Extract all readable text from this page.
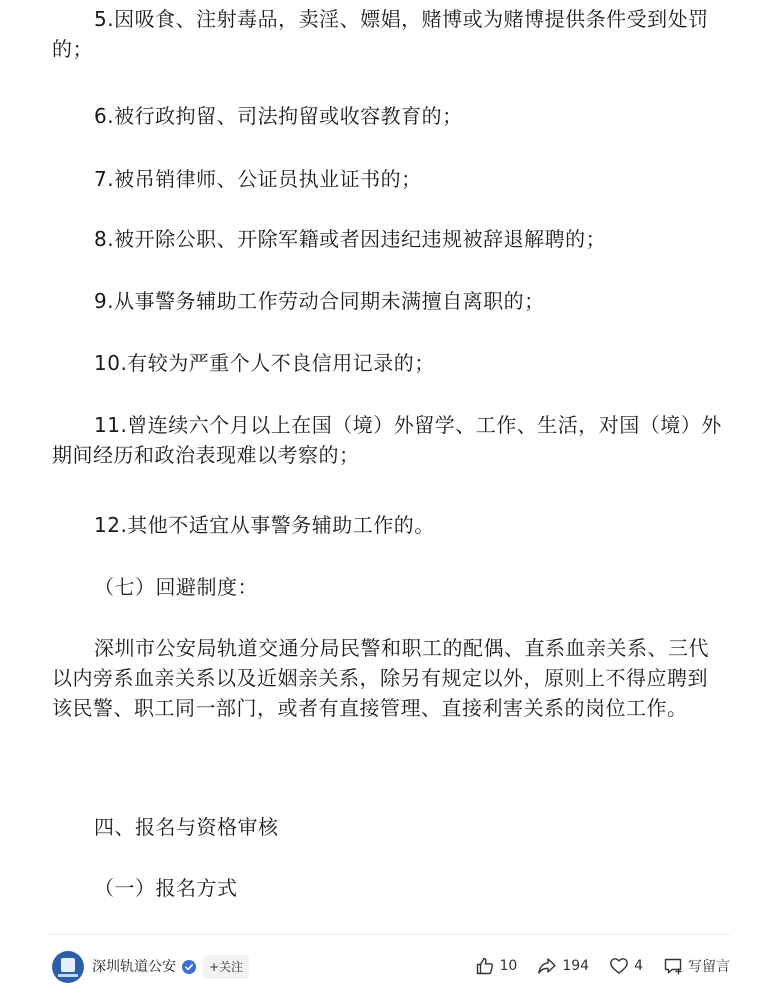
5.因吸食、注射毒品，卖淫、嫖娼，赌博或为赌博提供条件受到处罚的；

6.被行政拘留、司法拘留或收容教育的；

7.被吊销律师、公证员执业证书的；

8.被开除公职、开除军籍或者因违纪违规被辞退解聘的；

9.从事警务辅助工作劳动合同期未满擅自离职的；

10.有较为严重个人不良信用记录的；

11.曾连续六个月以上在国（境）外留学、工作、生活，对国（境）外期间经历和政治表现难以考察的；

12.其他不适宜从事警务辅助工作的。

（七）回避制度：

深圳市公安局轨道交通分局民警和职工的配偶、直系血亲关系、三代以内旁系血亲关系以及近姻亲关系，除另有规定以外，原则上不得应聘到该民警、职工同一部门，或者有直接管理、直接利害关系的岗位工作。

四、报名与资格审核

（一）报名方式

深圳轨道公安	+关注	10	194	4	写留言
